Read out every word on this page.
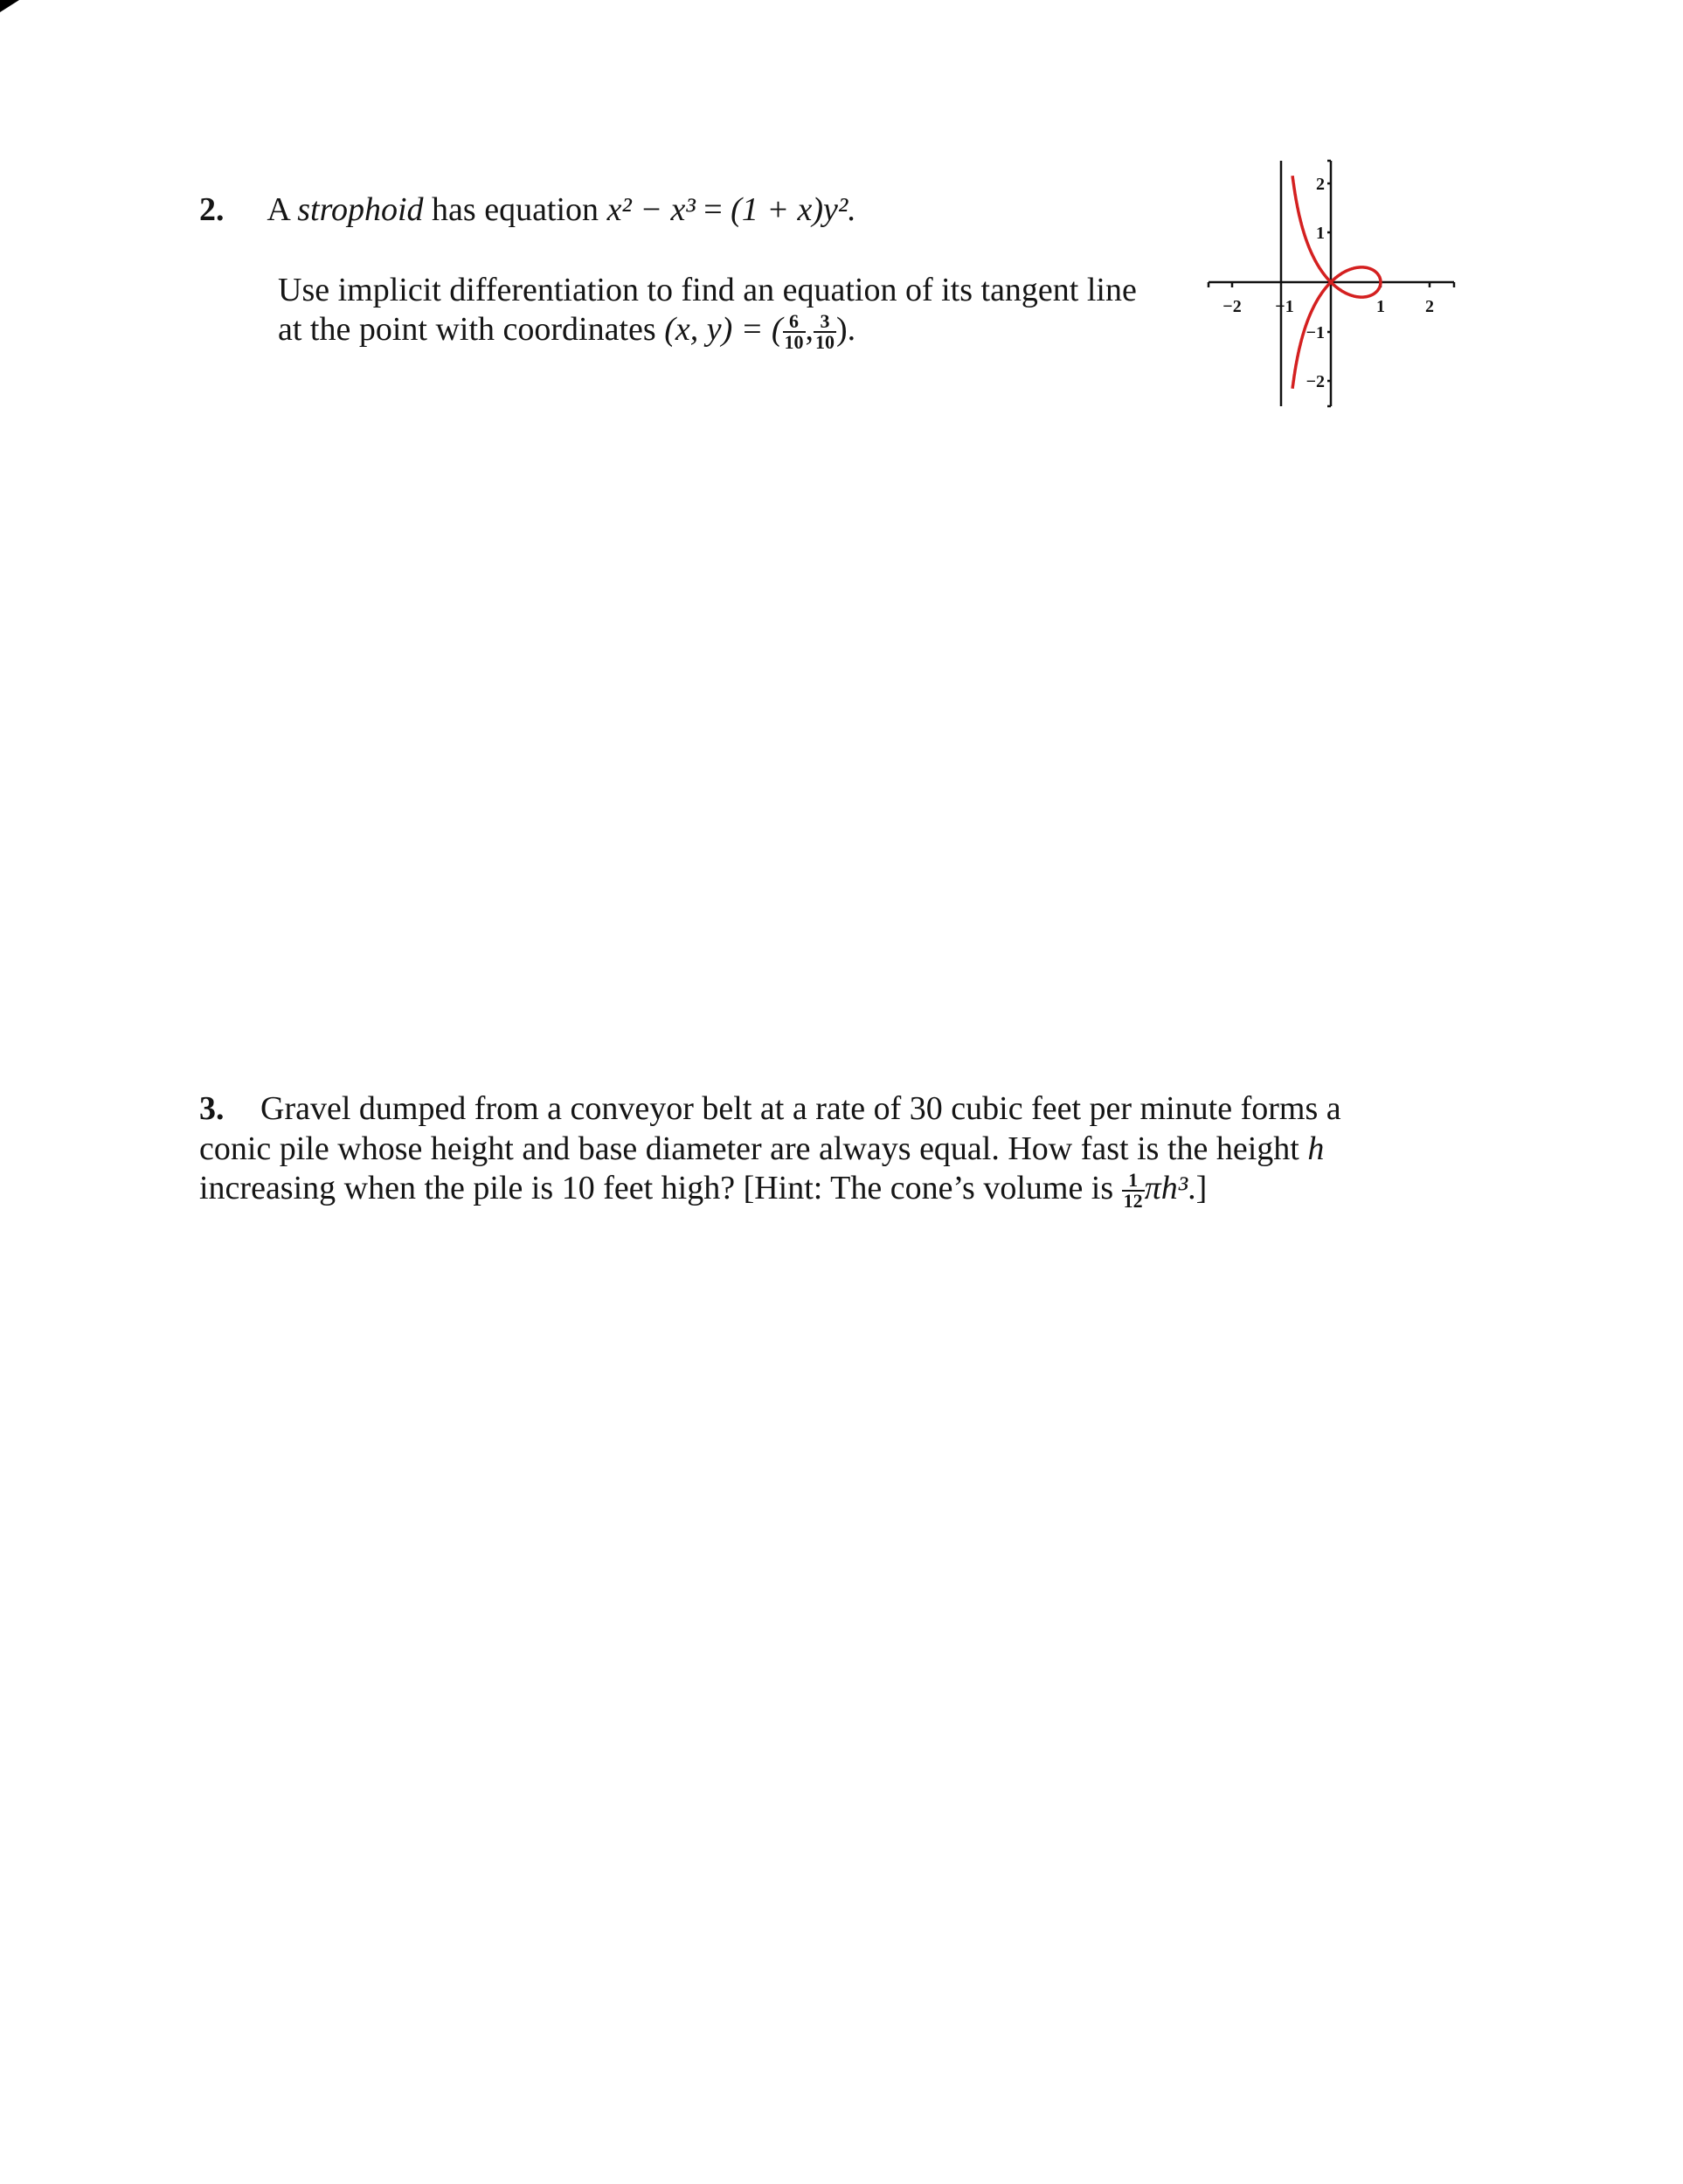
2. A strophoid has equation x² − x³ = (1 + x)y².
Use implicit differentiation to find an equation of its tangent line
at the point with coordinates (x, y) = ( $\frac{6}{10}$ , $\frac{3}{10}$ ).
−2 −1	1 2
2
1
−1
−2
3. Gravel dumped from a conveyor belt at a rate of 30 cubic feet per minute forms a
conic pile whose height and base diameter are always equal. How fast is the height h
increasing when the pile is 10 feet high? [Hint: The cone’s volume is $\frac{1}{12} \pi h^3$.]
